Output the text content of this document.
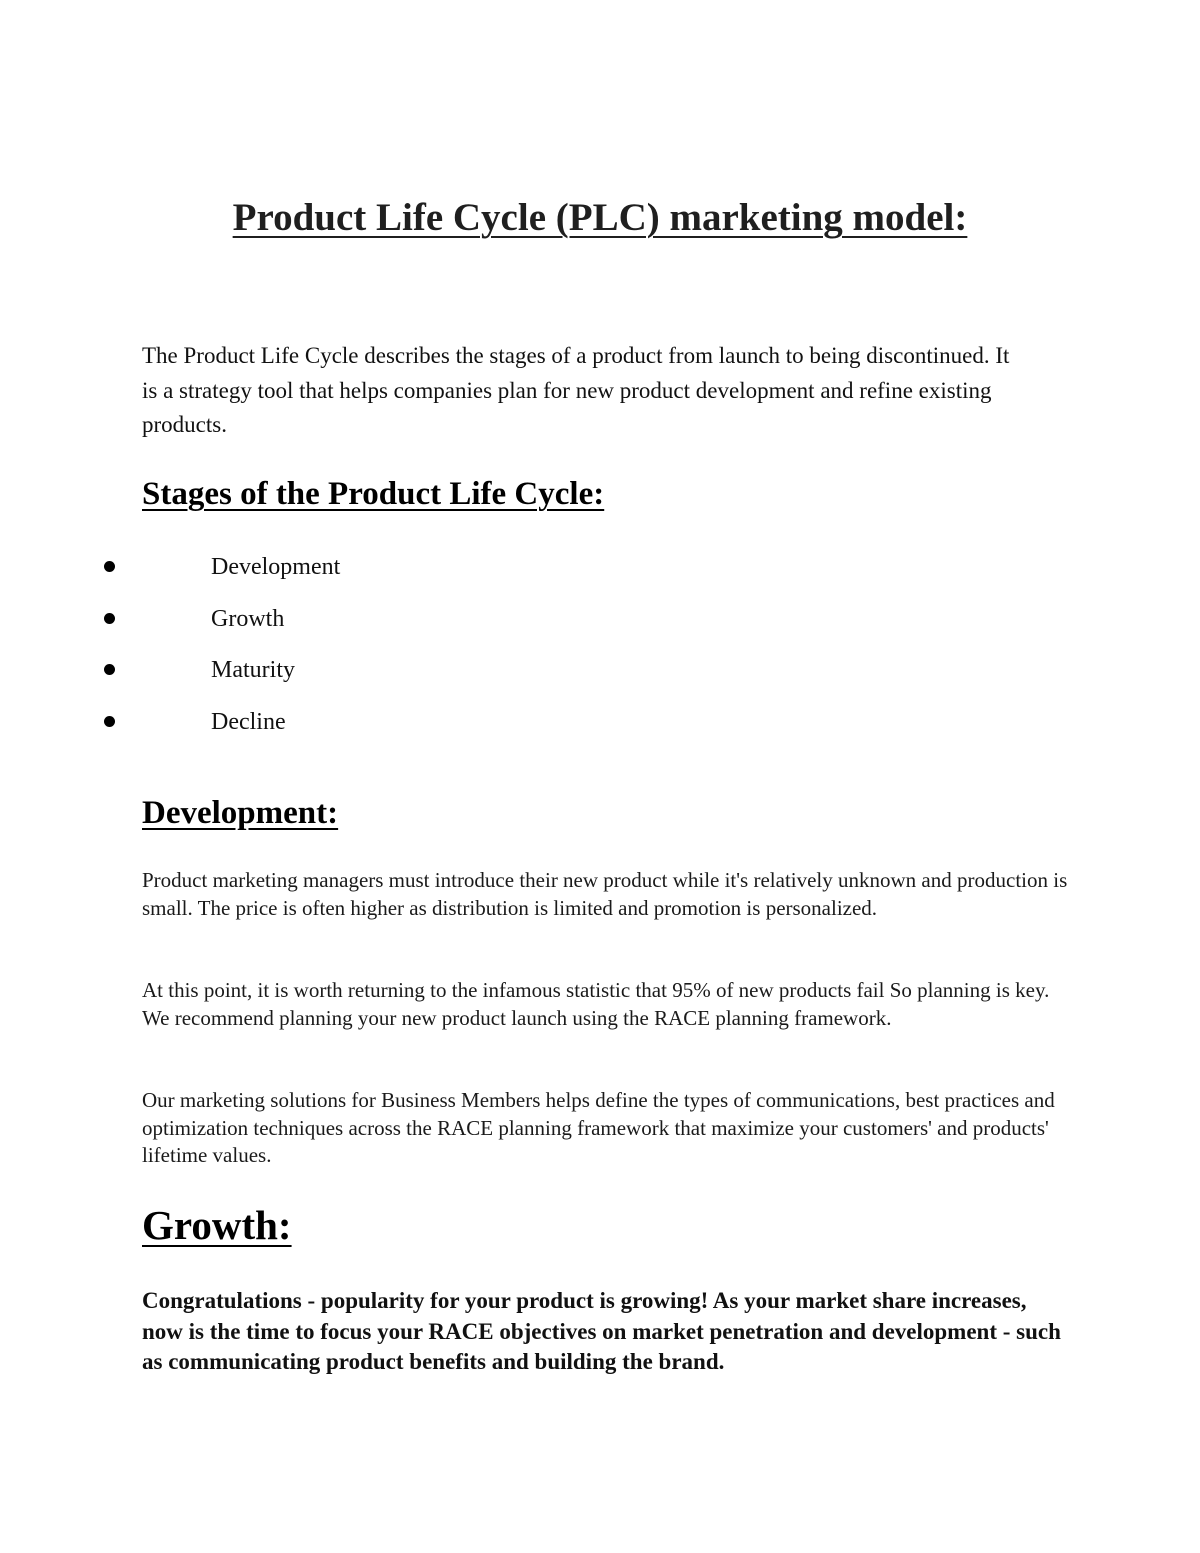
Product Life Cycle (PLC) marketing model:

The Product Life Cycle describes the stages of a product from launch to being discontinued. It is a strategy tool that helps companies plan for new product development and refine existing products.

Stages of the Product Life Cycle:
Development
Growth
Maturity
Decline
Development:

Product marketing managers must introduce their new product while it's relatively unknown and production is small. The price is often higher as distribution is limited and promotion is personalized.

At this point, it is worth returning to the infamous statistic that 95% of new products fail So planning is key. We recommend planning your new product launch using the RACE planning framework.

Our marketing solutions for Business Members helps define the types of communications, best practices and optimization techniques across the RACE planning framework that maximize your customers' and products' lifetime values.

Growth:

Congratulations - popularity for your product is growing! As your market share increases, now is the time to focus your RACE objectives on market penetration and development - such as communicating product benefits and building the brand.
